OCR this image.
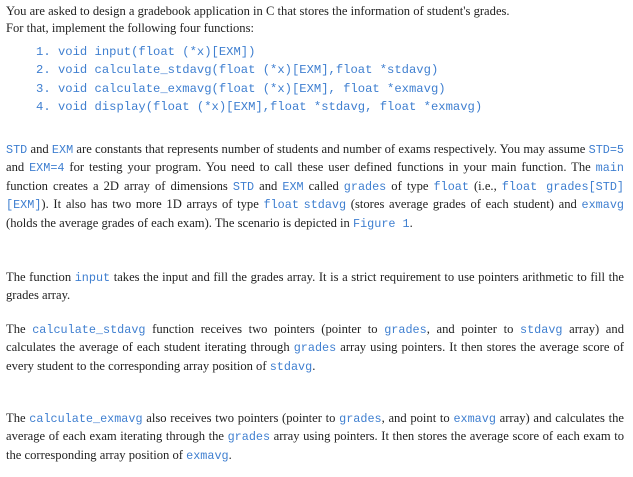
You are asked to design a gradebook application in C that stores the information of student's grades.
For that, implement the following four functions:

1. void input(float (*x)[EXM])
2. void calculate_stdavg(float (*x)[EXM],float *stdavg)
3. void calculate_exmavg(float (*x)[EXM], float *exmavg)
4. void display(float (*x)[EXM],float *stdavg, float *exmavg)

STD and EXM are constants that represents number of students and number of exams respectively. You may assume STD=5 and EXM=4 for testing your program. You need to call these user defined functions in your main function. The main function creates a 2D array of dimensions STD and EXM called grades of type float (i.e., float grades[STD][EXM]). It also has two more 1D arrays of type float stdavg (stores average grades of each student) and exmavg (holds the average grades of each exam). The scenario is depicted in Figure 1.

The function input takes the input and fill the grades array. It is a strict requirement to use pointers arithmetic to fill the grades array.

The calculate_stdavg function receives two pointers (pointer to grades, and pointer to stdavg array) and calculates the average of each student iterating through grades array using pointers. It then stores the average score of every student to the corresponding array position of stdavg.

The calculate_exmavg also receives two pointers (pointer to grades, and point to exmavg array) and calculates the average of each exam iterating through the grades array using pointers. It then stores the average score of each exam to the corresponding array position of exmavg.
